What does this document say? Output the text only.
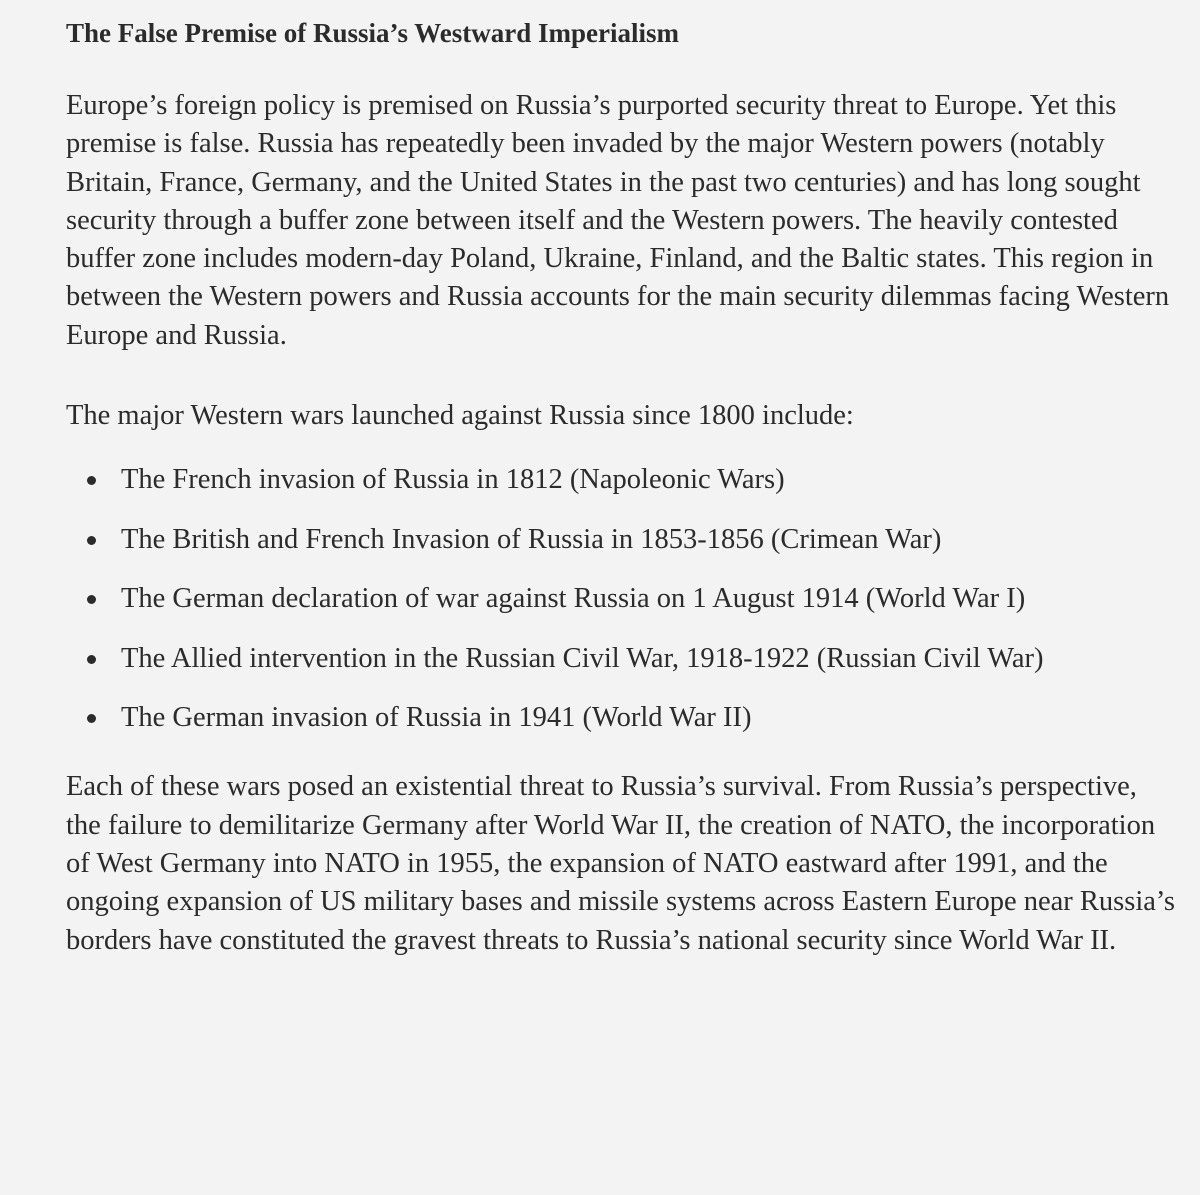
The False Premise of Russia’s Westward Imperialism

Europe’s foreign policy is premised on Russia’s purported security threat to Europe. Yet this premise is false. Russia has repeatedly been invaded by the major Western powers (notably Britain, France, Germany, and the United States in the past two centuries) and has long sought security through a buffer zone between itself and the Western powers. The heavily contested buffer zone includes modern-day Poland, Ukraine, Finland, and the Baltic states. This region in between the Western powers and Russia accounts for the main security dilemmas facing Western Europe and Russia.

The major Western wars launched against Russia since 1800 include:

The French invasion of Russia in 1812 (Napoleonic Wars)
The British and French Invasion of Russia in 1853-1856 (Crimean War)
The German declaration of war against Russia on 1 August 1914 (World War I)
The Allied intervention in the Russian Civil War, 1918-1922 (Russian Civil War)
The German invasion of Russia in 1941 (World War II)

Each of these wars posed an existential threat to Russia’s survival. From Russia’s perspective, the failure to demilitarize Germany after World War II, the creation of NATO, the incorporation of West Germany into NATO in 1955, the expansion of NATO eastward after 1991, and the ongoing expansion of US military bases and missile systems across Eastern Europe near Russia’s borders have constituted the gravest threats to Russia’s national security since World War II.
